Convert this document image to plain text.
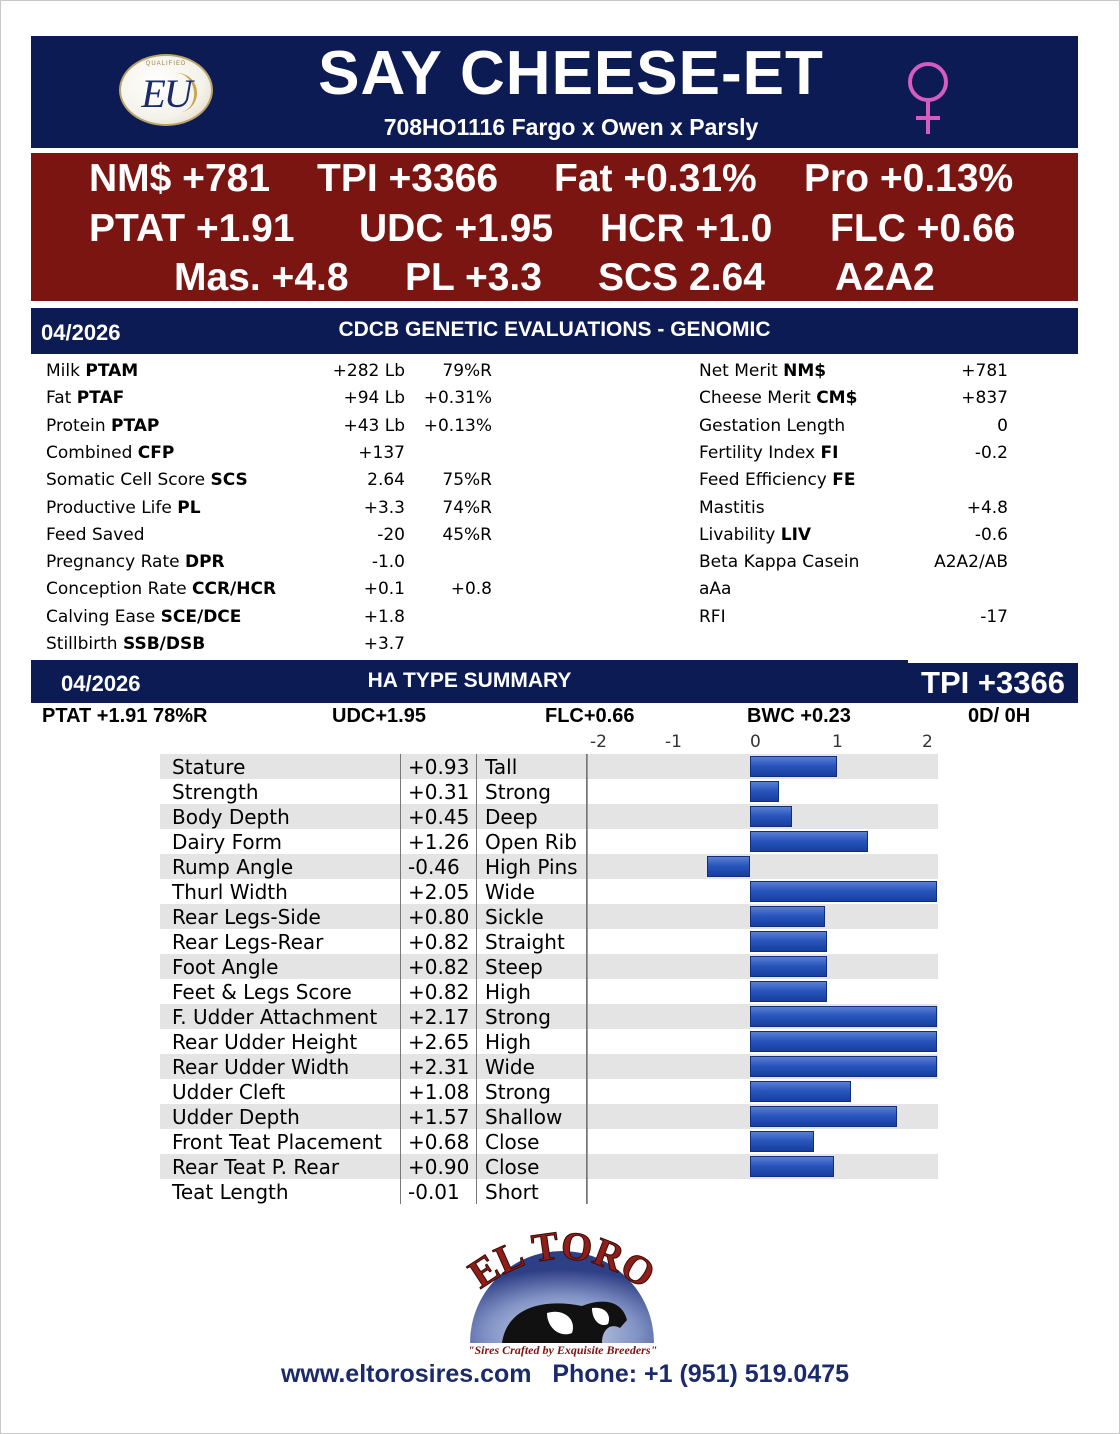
QUALIFIED
EU	SAY CHEESE-ET
708HO1116 Fargo x Owen x Parsly
NM$ +781 TPI +3366 Fat +0.31% Pro +0.13%
PTAT +1.91 UDC +1.95 HCR +1.0 FLC +0.66
Mas. +4.8 PL +3.3 SCS 2.64 A2A2
04/2026	CDCB GENETIC EVALUATIONS - GENOMIC
Milk PTAM	+282 Lb	79%R
Fat PTAF	+94 Lb +0.31%
Protein PTAP	+43 Lb +0.13%
Combined CFP	+137
Somatic Cell Score SCS	2.64	75%R
Productive Life PL	+3.3	74%R
Feed Saved	-20	45%R
Pregnancy Rate DPR	-1.0
Conception Rate CCR/HCR	+0.1	+0.8
Calving Ease SCE/DCE	+1.8
Stillbirth SSB/DSB	+3.7
Net Merit NM$	+781
Cheese Merit CM$	+837
Gestation Length	0
Fertility Index FI	-0.2
Feed Efficiency FE
Mastitis	+4.8
Livability LIV	-0.6
Beta Kappa Casein	A2A2/AB
aAa
RFI	-17
04/2026	HA TYPE SUMMARY	TPI +3366
PTAT +1.91 78%R	UDC+1.95	FLC+0.66	BWC +0.23	0D/ 0H
-2	-1	0	1	2
Stature	+0.93 Tall
Strength	+0.31 Strong
Body Depth	+0.45 Deep
Dairy Form	+1.26 Open Rib
Rump Angle	-0.46 High Pins
Thurl Width	+2.05 Wide
Rear Legs-Side	+0.80 Sickle
Rear Legs-Rear	+0.82 Straight
Foot Angle	+0.82 Steep
Feet & Legs Score	+0.82 High
F. Udder Attachment +2.17 Strong
Rear Udder Height	+2.65 High
Rear Udder Width	+2.31 Wide
Udder Cleft	+1.08 Strong
Udder Depth	+1.57 Shallow
Front Teat Placement +0.68 Close
Rear Teat P. Rear	+0.90 Close
Teat Length	-0.01 Short
EL TORO
"Sires Crafted by Exquisite Breeders"
www.eltorosires.com Phone: +1 (951) 519.0475
